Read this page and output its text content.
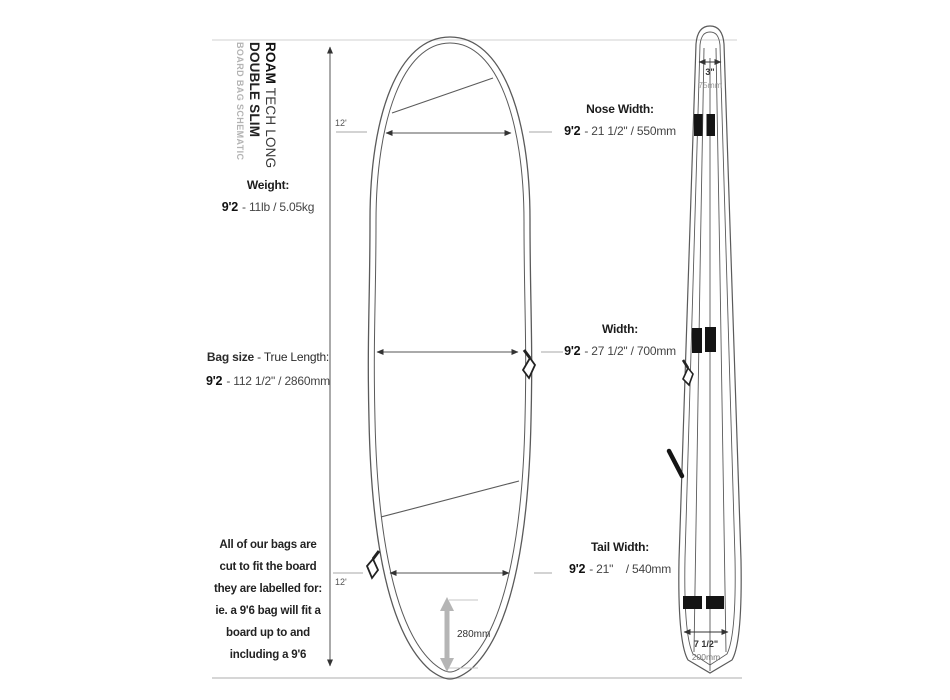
ROAM TECH LONG
DOUBLE SLIM
BOARD BAG SCHEMATIC
Weight:
9'2 - 11lb / 5.05kg
Bag size - True Length:
9'2 - 112 1/2" / 2860mm
All of our bags are
cut to fit the board
they are labelled for:
ie. a 9'6 bag will fit a
board up to and
including a 9'6
Nose Width:
9'2 - 21 1/2" / 550mm
Width:
9'2 - 27 1/2" / 700mm
Tail Width:
9'2 - 21"    / 540mm
12'
12'
3"
75mm
7 1/2"
200mm
280mm
